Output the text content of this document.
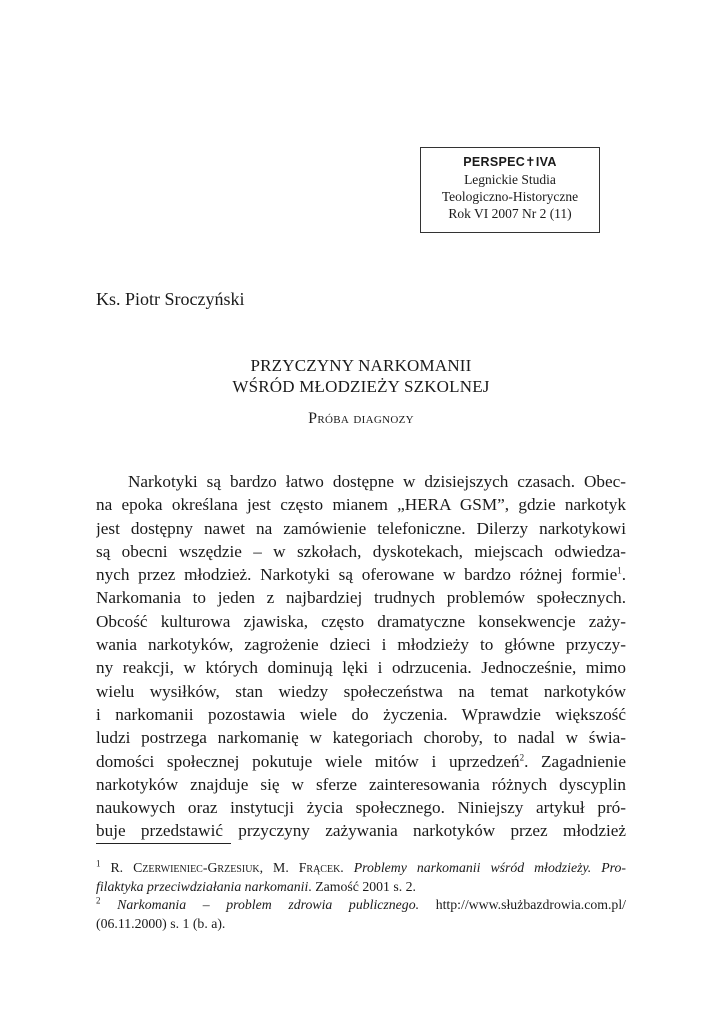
PERSPEC✝IVA
Legnickie Studia
Teologiczno-Historyczne
Rok VI 2007 Nr 2 (11)
Ks. Piotr Sroczyński
PRZYCZYNY NARKOMANII
WŚRÓD MŁODZIEŻY SZKOLNEJ
Próba diagnozy
Narkotyki są bardzo łatwo dostępne w dzisiejszych czasach. Obec-
na epoka określana jest często mianem „HERA GSM”, gdzie narkotyk
jest dostępny nawet na zamówienie telefoniczne. Dilerzy narkotykowi
są obecni wszędzie – w szkołach, dyskotekach, miejscach odwiedza-
nych przez młodzież. Narkotyki są oferowane w bardzo różnej formie$^1$.
Narkomania to jeden z najbardziej trudnych problemów społecznych.
Obcość kulturowa zjawiska, często dramatyczne konsekwencje zaży-
wania narkotyków, zagrożenie dzieci i młodzieży to główne przyczy-
ny reakcji, w których dominują lęki i odrzucenia. Jednocześnie, mimo
wielu wysiłków, stan wiedzy społeczeństwa na temat narkotyków
i narkomanii pozostawia wiele do życzenia. Wprawdzie większość
ludzi postrzega narkomanię w kategoriach choroby, to nadal w świa-
domości społecznej pokutuje wiele mitów i uprzedzeń$^2$. Zagadnienie
narkotyków znajduje się w sferze zainteresowania różnych dyscyplin
naukowych oraz instytucji życia społecznego. Niniejszy artykuł pró-
buje przedstawić przyczyny zażywania narkotyków przez młodzież
$^1$ R. Czerwieniec-Grzesiuk, M. Frącek. Problemy narkomanii wśród młodzieży. Pro-
filaktyka przeciwdziałania narkomanii. Zamość 2001 s. 2.
$^2$ Narkomania – problem zdrowia publicznego. http://www.służbazdrowia.com.pl/
(06.11.2000) s. 1 (b. a).
